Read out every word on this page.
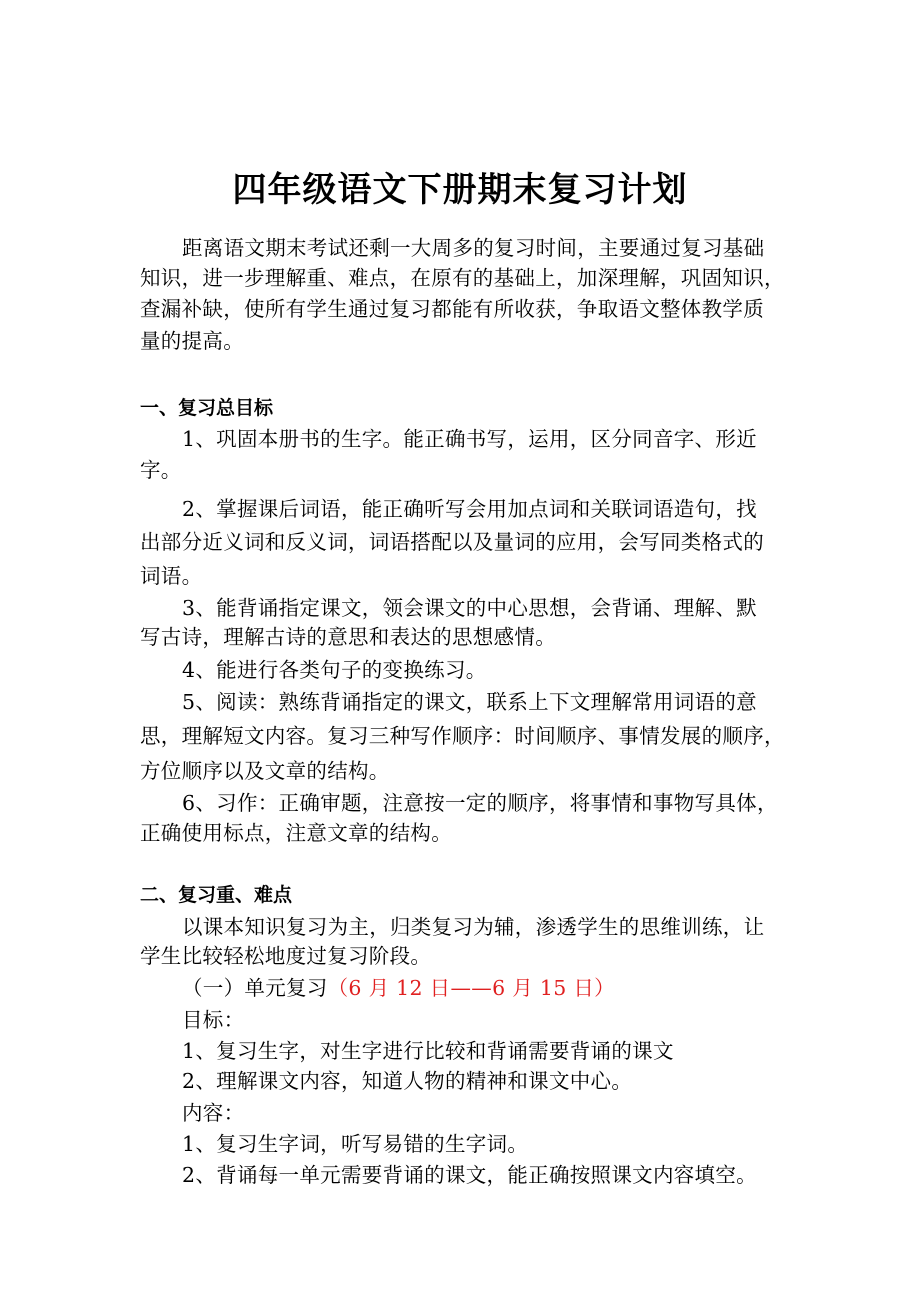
四年级语文下册期末复习计划
距离语文期末考试还剩一大周多的复习时间，主要通过复习基础
知识，进一步理解重、难点，在原有的基础上，加深理解，巩固知识，
查漏补缺，使所有学生通过复习都能有所收获，争取语文整体教学质
量的提高。
一、复习总目标
1、巩固本册书的生字。能正确书写，运用，区分同音字、形近
字。
2、掌握课后词语，能正确听写会用加点词和关联词语造句，找
出部分近义词和反义词，词语搭配以及量词的应用，会写同类格式的
词语。
3、能背诵指定课文，领会课文的中心思想，会背诵、理解、默
写古诗，理解古诗的意思和表达的思想感情。
4、能进行各类句子的变换练习。
5、阅读：熟练背诵指定的课文，联系上下文理解常用词语的意
思，理解短文内容。复习三种写作顺序：时间顺序、事情发展的顺序，
方位顺序以及文章的结构。
6、习作：正确审题，注意按一定的顺序，将事情和事物写具体，
正确使用标点，注意文章的结构。
二、复习重、难点
以课本知识复习为主，归类复习为辅，渗透学生的思维训练，让
学生比较轻松地度过复习阶段。
（一）单元复习（6 月 12 日——6 月 15 日）
目标：
1、复习生字，对生字进行比较和背诵需要背诵的课文
2、理解课文内容，知道人物的精神和课文中心。
内容：
1、复习生字词，听写易错的生字词。
2、背诵每一单元需要背诵的课文，能正确按照课文内容填空。
